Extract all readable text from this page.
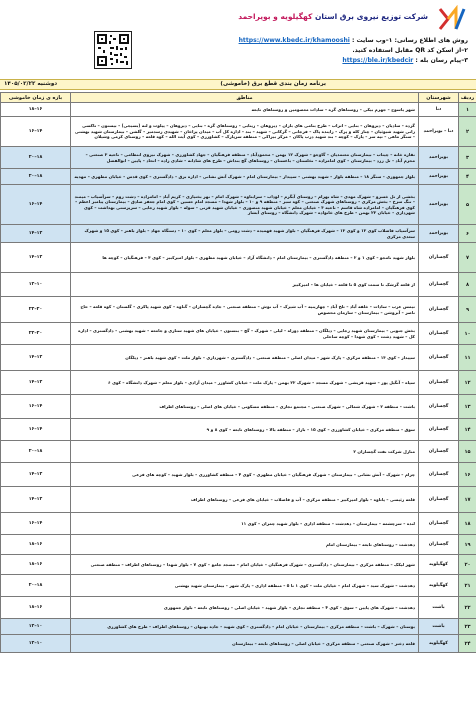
شرکت توزیع نیروی برق استان کهگیلویه و بویراحمد
روش های اطلاع رسانی: ۱–وب سایت : https://www.kbedc.ir/khamooshi
۲–از اسکن کد QR مقابل استفاده کنید.
۳–پیام رسان بله : https://ble.ir/kbedcir
برنامه زمان بندی قطع برق (خاموشی)
دوشنبه ۱۴۰۵/۰۲/۲۲
ردیف	شهرستان	مناطق	بازه ی زمان خاموشی
۱	دنا	شهر یاسوج – جهرم بیکی – روستاهای گره – سادات معصومین و روستاهای تابعه	۱۸–۱۶
۲	دنا – بویراحمد	گرده – سادیان – دیروهان – بنایی – اتراب – طرح بنامی های باران – دیروهان – زیتابی – روستاهای گره – بنایی – دیروهان – پیلوت و لنه (بسیجی) – بیستون – تاکسی رانی شهید شبوئیان – چنار کله و پرک – زاینده پاک – فرجانی – گرکانی – شهید – بند – اداره کل آب – میدان پراخان – شهیدی رسدمیر – گلشن – بیمارستان شهید بهشتی – سنگر ماهی – تپه سر – پارک – کوچه – بند شهید درب پاکان – مرکز بیراکی – منطقه سرپارک – کشاورزی – کوی آیت الله – کوه قلعه – روستای کرمی وشیلان	۱۶–۱۴
۳	بویراحمد	نقاره خانه – چیتاب – بیمارستان معتمدیان – گاوجو – شهرک ۱۲ بهمن – محمودآباد – منطقه فرهنگیان – جهاد کشاورزی – شهرک نیروی انتظامی – ناحیه ۳ صنعتی – محرم آباد – تل زرد – بیمارستان – کوی امامزاده – نخلستان – باغستان – روستاهای گچ بنداش – طرح های شادانه – شادی زاده – اتحاد – پایین – ابوالفضل	۲۰–۱۸
۴	بویراحمد	بلوار جمهوری – سنگر ۱۸ – منطقه بلوار – شهید بهشتی – سپیدار – بیمارستان امام – شهرک آتش نشانی – اداره برق – دادگستری – کوی قدس – خیابان مطهری – مهدیه	۲۰–۱۸
۵	بویراحمد	بخشی از تل خسرو – شهرک مهدی – شاه بهرام – روستای آبگرم – لوداب – سرابتاوه – شهرک امام – نهر بختیاری – کریم آباد – امامزاده – دشت روم – سرآسیاب – میمند – تنگ سرخ – بخش مرکزی – روستاهای شهرک صنعتی – کوه سبز – منطقه ۹ و ۱۰ – بلوار شهدا – مسجد امام حسین – کوی امام جعفر صادق – بیمارستان پیامبر اعظم – کوی فرهنگیان – امامزاده شاه قاسم – ناحیه ۳ – خیابان معلم – خیابان شهید منصوری – خیابان شهید قرنی – سوله – بلوار شهید رجایی – سرپرستی بهداشت – کوی شهرداری – خیابان ۲۲ بهمن – طرح های خانواده – شهرک دانشگاه – روستای آبشار	۱۶–۱۴
۶	بویراحمد	سرآسیاب فاضلاب کوی ۱۲ و کوی ۱۳ – شهرک فرهنگیان – بلوار شهید فهمیده – دشت رومی – بلوار معلم – کوی ۱۰ – دستگاه جهاد – بلوار باهنر – کوی ۱۵ و شهرک سعدی مرکزی	۱۴–۱۲
۷	گچساران	بلوار شهید نامجو – کوی ۱ و ۲ – منطقه دادگستری – بیمارستان امام – دانشگاه آزاد – خیابان شهید مطهری – بلوار امیرکبیر – کوی ۳ – فرهنگیان – کوچه ها	۱۴–۱۲
۸	گچساران	از قلعه گرشک تا سمت کوی ۵ تا قلعه – خیابان ها – امیرکبیر	۱۲–۱۰
۹	گچساران	تیمس عرب – سادات – خلفه آباد – تلخ آباد – چهاربنیه – آب شیرک – آب نوش – منطقه صنعتی – جاده گچساران – گناوه – کوی شهید پاکری – گلستان – کوه قلعه – حاج ناصر – آبروشن – بیمارستان – سازمان محصوص	۲۲–۲۰
۱۰	گچساران	بخش جنوبی – بیمارستان شهید رجایی – دیلگان – منطقه دوراه – لیلی – شهرک – گچ – بنستون – خیابان های شهید ستاری و جامعه – شهید بهشتی – دادگستری – اداره کل – شهید دشت – کوی شهدا – کوچه ساحلی	۲۲–۲۰
۱۱	گچساران	سپیدار – کوی ۱۳ – منطقه مرکزی – پارک شهر – میدان اصلی – منطقه صنعتی – دادگستری – شهرداری – بلوار ملت – کوی شهید باهنر – دیلگان	۱۴–۱۲
۱۲	گچساران	سپاه – آنگیل پور – شهید قریشی – شهرک مسجد – شهرک ۲۲ بهمن – پارک ملت – خیابان کشاورز – میدان آزادی – بلوار معلم – شهرک دانشگاه – کوی ۶	۱۴–۱۲
۱۳	گچساران	باشت – منطقه ۲ – شهرک شمالی – شهرک صنعتی – مجتمع تجاری – منطقه مسکونی – خیابان های اصلی – روستاهای اطراف	۱۶–۱۴
۱۴	گچساران	سوق – منطقه مرکزی – خیابان کشاورزی – کوی ۱۵ – بازار – منطقه بالا – روستاهای تابعه – کوی ۸ و ۹	۱۶–۱۴
۱۵	گچساران	منازل شرکت نفت گچساران ۲	۲۰–۱۸
۱۶	گچساران	چرام – شهرک – آتش نشانی – بیمارستان – شهرک فرهنگیان – خیابان مطهری – کوی ۴ – منطقه کشاورزی – بلوار شهید – کوچه های فرعی	۱۴–۱۲
۱۷	گچساران	قلعه رئیسی – پاتاوه – بلوار امیرکبیر – منطقه مرکزی – آب و فاضلاب – خیابان های فرعی – روستاهای اطراف	۱۴–۱۲
۱۸	گچساران	لنده – سرچشمه – بیمارستان – دهدشت – منطقه اداری – بلوار شهید چمران – کوی ۱۱	۱۶–۱۴
۱۹	گچساران	دهدشت – روستاهای تابعه – بیمارستان امام	۱۸–۱۶
۲۰	کهگیلویه	شهر لیکک – منطقه مرکزی – بیمارستان – دادگستری – شهرک فرهنگیان – خیابان امام – مسجد جامع – کوی ۷ – بلوار شهدا – روستاهای اطراف – منطقه صنعتی	۱۸–۱۶
۲۱	کهگیلویه	دهدشت – شهرک سید – شهرک امام – خیابان ملت – کوی ۱ تا ۵ – منطقه اداری – پارک شهر – بیمارستان شهید بهشتی	۲۰–۱۸
۲۲	باشت	دهدشت – شهرک های پایین – سوق – کوی ۴ – منطقه تجاری – بلوار شهید – خیابان اصلی – روستاهای تابعه – بلوار جمهوری	۱۸–۱۶
۲۳	باشت	بوستان – شهرک – باشت – منطقه مرکزی – بیمارستان – خیابان امام – دادگستری – کوی شهید – جاده بهبهان – روستاهای اطراف – طرح های کشاورزی	۱۲–۱۰
۲۴	کهگیلویه	قلعه دختر – شهرک صنعتی – منطقه مرکزی – خیابان اصلی – روستاهای تابعه – بیمارستان	۱۲–۱۰
